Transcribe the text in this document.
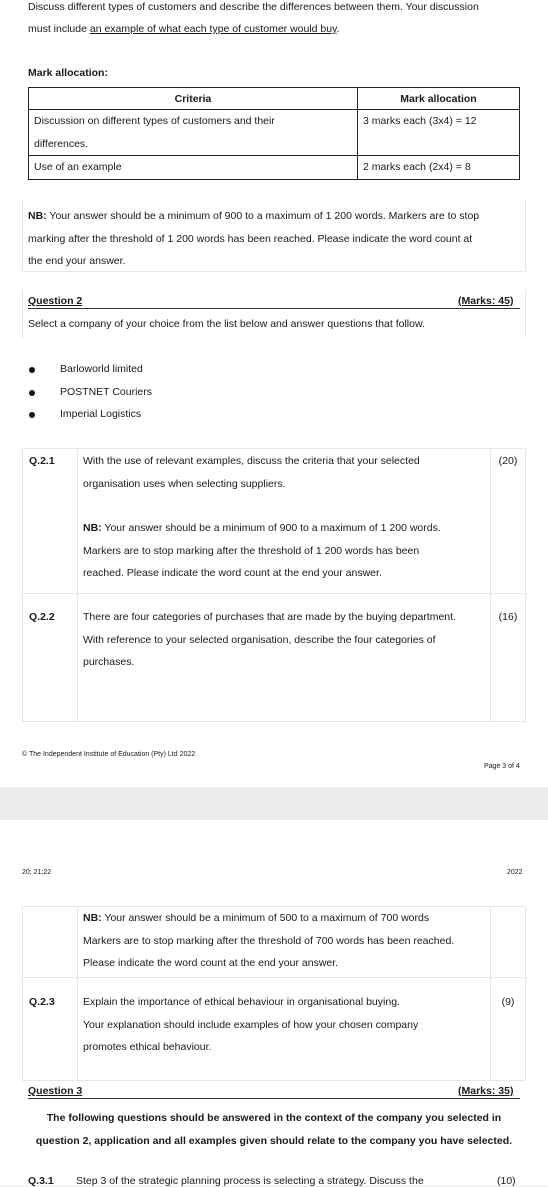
Discuss different types of customers and describe the differences between them. Your discussion
must include an example of what each type of customer would buy.
Mark allocation:
Criteria	Mark allocation

Discussion on different types of customers and their
differences.	3 marks each (3x4) = 12

Use of an example	2 marks each (2x4) = 8
NB: Your answer should be a minimum of 900 to a maximum of 1 200 words. Markers are to stop
marking after the threshold of 1 200 words has been reached. Please indicate the word count at
the end your answer.
Question 2	(Marks: 45)
Select a company of your choice from the list below and answer questions that follow.
Barloworld limited
POSTNET Couriers
Imperial Logistics
Q.2.1	With the use of relevant examples, discuss the criteria that your selected
organisation uses when selecting suppliers.
NB: Your answer should be a minimum of 900 to a maximum of 1 200 words.
Markers are to stop marking after the threshold of 1 200 words has been
reached. Please indicate the word count at the end your answer.	(20)
Q.2.2	There are four categories of purchases that are made by the buying department.
With reference to your selected organisation, describe the four categories of
purchases.	(16)
© The Independent Institute of Education (Pty) Ltd 2022
Page 3 of 4
20; 21;22	2022

	NB: Your answer should be a minimum of 500 to a maximum of 700 words
Markers are to stop marking after the threshold of 700 words has been reached.
Please indicate the word count at the end your answer.	

Q.2.3	Explain the importance of ethical behaviour in organisational buying.
Your explanation should include examples of how your chosen company
promotes ethical behaviour.	(9)
Question 3	(Marks: 35)
The following questions should be answered in the context of the company you selected in
question 2, application and all examples given should relate to the company you have selected.
Q.3.1 Step 3 of the strategic planning process is selecting a strategy. Discuss the	(10)
